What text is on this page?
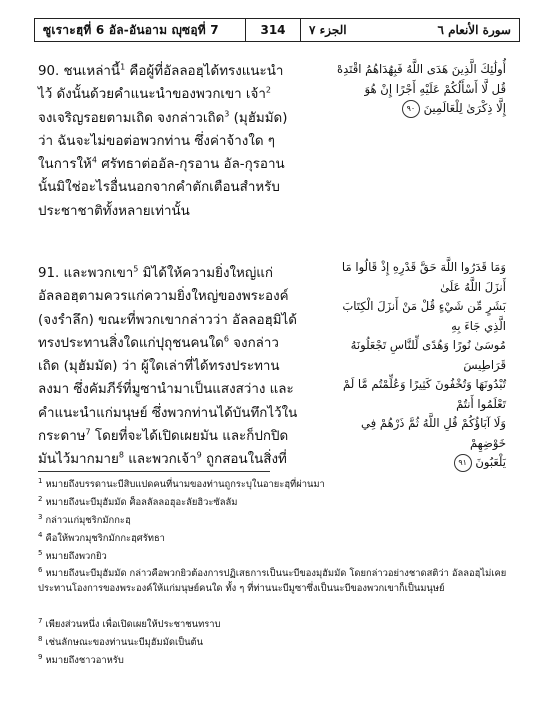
ซูเราะฮฺที่ 6 อัล-อันอาม ญุซอฺที่ 7	314	الجزء ٧	سورة الأنعام ٦
90. ชนเหล่านี้$^1$ คือผู้ที่อัลลอฮฺได้ทรงแนะนำ
ไว้ ดังนั้นด้วยคำแนะนำของพวกเขา เจ้า$^2$
จงเจริญรอยตามเถิด จงกล่าวเถิด$^3$ (มุฮัมมัด)
ว่า ฉันจะไม่ขอต่อพวกท่าน ซึ่งค่าจ้างใด ๆ
ในการให้$^4$ ศรัทธาต่ออัล-กุรอาน อัล-กุรอาน
นั้นมิใช่อะไรอื่นนอกจากคำตักเตือนสำหรับ
ประชาชาติทั้งหลายเท่านั้น
91. และพวกเขา$^5$ มิได้ให้ความยิ่งใหญ่แก่
อัลลอฮฺตามควรแก่ความยิ่งใหญ่ของพระองค์
(จงรำลึก) ขณะที่พวกเขากล่าวว่า อัลลอฮฺมิได้
ทรงประทานสิ่งใดแก่ปุถุชนคนใด$^6$ จงกล่าว
เถิด (มุฮัมมัด) ว่า ผู้ใดเล่าที่ได้ทรงประทาน
ลงมา ซึ่งคัมภีร์ที่มูซานำมาเป็นแสงสว่าง และ
คำแนะนำแก่มนุษย์ ซึ่งพวกท่านได้บันทึกไว้ใน
กระดาษ$^7$ โดยที่จะได้เปิดเผยมัน และก็ปกปิด
มันไว้มากมาย$^8$ และพวกเจ้า$^9$ ถูกสอนในสิ่งที่
أُولَٰئِكَ الَّذِينَ هَدَى اللَّهُ فَبِهُدَاهُمُ اقْتَدِهْ
قُل لَّا أَسْأَلُكُمْ عَلَيْهِ أَجْرًا إِنْ هُوَ
إِلَّا ذِكْرَىٰ لِلْعَالَمِينَ ٩٠
وَمَا قَدَرُوا اللَّهَ حَقَّ قَدْرِهِ إِذْ قَالُوا مَا أَنزَلَ اللَّهُ عَلَىٰ
بَشَرٍ مِّن شَيْءٍ قُلْ مَنْ أَنزَلَ الْكِتَابَ الَّذِي جَاءَ بِهِ
مُوسَىٰ نُورًا وَهُدًى لِّلنَّاسِ تَجْعَلُونَهُ قَرَاطِيسَ
تُبْدُونَهَا وَتُخْفُونَ كَثِيرًا وَعُلِّمْتُم مَّا لَمْ تَعْلَمُوا أَنتُمْ
وَلَا آبَاؤُكُمْ قُلِ اللَّهُ ثُمَّ ذَرْهُمْ فِي خَوْضِهِمْ
يَلْعَبُونَ ٩١
$^1$ หมายถึงบรรดานะบีสิบแปดคนที่นามของท่านถูกระบุในอายะฮฺที่ผ่านมา
$^2$ หมายถึงนะบีมุฮัมมัด ศ็อลลัลลอฮุอะลัยฮิวะซัลลัม
$^3$ กล่าวแก่มุชริกมักกะฮฺ
$^4$ คือให้พวกมุชริกมักกะฮฺศรัทธา
$^5$ หมายถึงพวกยิว
$^6$ หมายถึงนะบีมุฮัมมัด กล่าวคือพวกยิวต้องการปฏิเสธการเป็นนะบีของมุฮัมมัด โดยกล่าวอย่างชาดสติว่า อัลลอฮฺไม่เคยประทานโองการของพระองค์ให้แก่มนุษย์คนใด ทั้ง ๆ ที่ท่านนะบีมูซาซึ่งเป็นนะบีของพวกเขาก็เป็นมนุษย์
$^7$ เพียงส่วนหนึ่ง เพื่อเปิดเผยให้ประชาชนทราบ
$^8$ เช่นลักษณะของท่านนะบีมุฮัมมัดเป็นต้น
$^9$ หมายถึงชาวอาหรับ
